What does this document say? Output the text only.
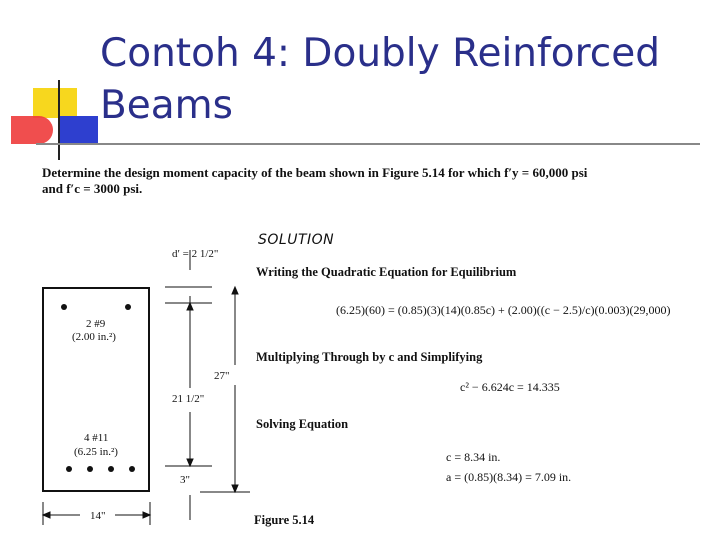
Contoh 4: Doubly Reinforced
Beams
Determine the design moment capacity of the beam shown in Figure 5.14 for which f′y = 60,000 psi
and f′c = 3000 psi.
SOLUTION
Writing the Quadratic Equation for Equilibrium
(6.25)(60) = (0.85)(3)(14)(0.85c) + (2.00)((c − 2.5)/c)(0.003)(29,000)
Multiplying Through by c and Simplifying
c² − 6.624c = 14.335
Solving Equation
c = 8.34 in.
a = (0.85)(8.34) = 7.09 in.
2 #9
(2.00 in.²)
4 #11
(6.25 in.²)
d′ = 2 1/2"
27"
21 1/2"
3"
14"	Figure 5.14
